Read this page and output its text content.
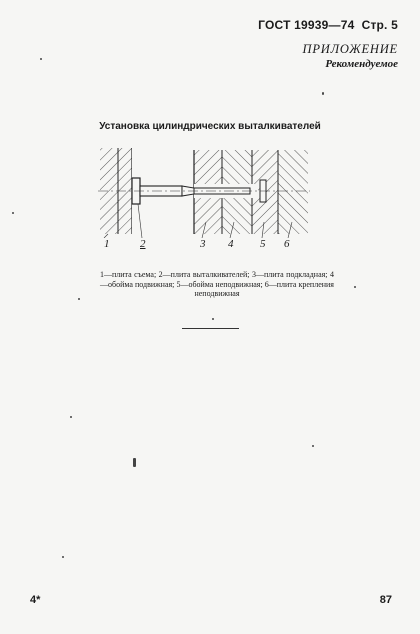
ГОСТ 19939—74 Стр. 5
ПРИЛОЖЕНИЕ
Рекомендуемое
Установка цилиндрических выталкивателей
1	2	3 4 5 6
1—плита съема; 2—плита выталкивателей; 3—плита подкладная; 4—обойма подвижная; 5—обойма неподвижная; 6—плита крепления неподвижная
4*	87
